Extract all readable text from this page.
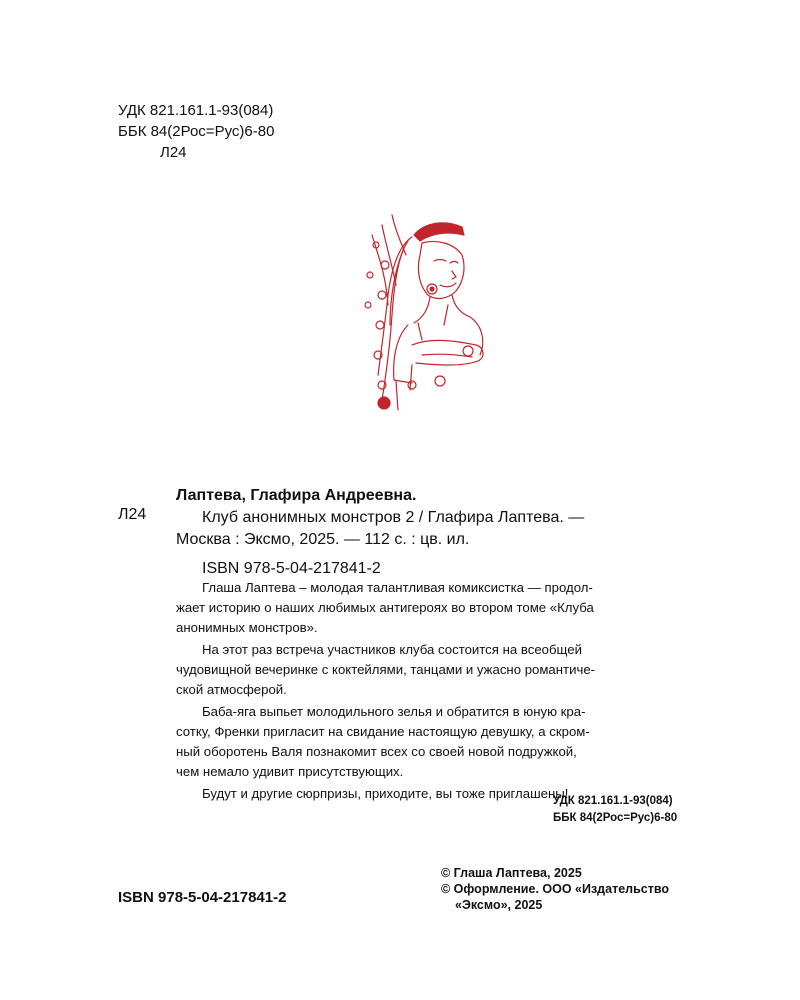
УДК 821.161.1-93(084)
ББК 84(2Рос=Рус)6-80
Л24
Л24
Лаптева, Глафира Андреевна.
Клуб анонимных монстров 2 / Глафира Лаптева. —
Москва : Эксмо, 2025. — 112 с. : цв. ил.
ISBN 978-5-04-217841-2

Глаша Лаптева – молодая талантливая комиксистка — продол-
жает историю о наших любимых антигероях во втором томе «Клуба
анонимных монстров».

На этот раз встреча участников клуба состоится на всеобщей
чудовищной вечеринке с коктейлями, танцами и ужасно романтиче-
ской атмосферой.

Баба-яга выпьет молодильного зелья и обратится в юную кра-
сотку, Френки пригласит на свидание настоящую девушку, а скром-
ный оборотень Валя познакомит всех со своей новой подружкой,
чем немало удивит присутствующих.

Будут и другие сюрпризы, приходите, вы тоже приглашены!

УДК 821.161.1-93(084)
ББК 84(2Рос=Рус)6-80
ISBN 978-5-04-217841-2
© Глаша Лаптева, 2025
© Оформление. ООО «Издательство
«Эксмо», 2025
